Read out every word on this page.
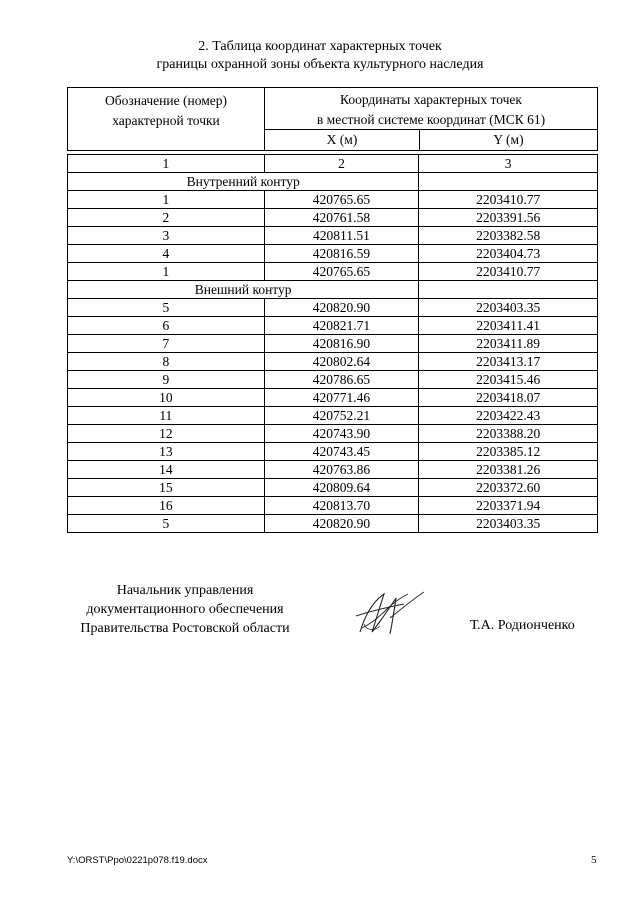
2. Таблица координат характерных точек
границы охранной зоны объекта культурного наследия
Обозначение (номер)
характерной точки
Координаты характерных точек
в местной системе координат (МСК 61)
X (м)	Y (м)
1	2	3
Внутренний контур
1	420765.65	2203410.77
2	420761.58	2203391.56
3	420811.51	2203382.58
4	420816.59	2203404.73
1	420765.65	2203410.77
Внешний контур
5	420820.90	2203403.35
6	420821.71	2203411.41
7	420816.90	2203411.89
8	420802.64	2203413.17
9	420786.65	2203415.46
10	420771.46	2203418.07
11	420752.21	2203422.43
12	420743.90	2203388.20
13	420743.45	2203385.12
14	420763.86	2203381.26
15	420809.64	2203372.60
16	420813.70	2203371.94
5	420820.90	2203403.35
Начальник управления
документационного обеспечения
Правительства Ростовской области	Т.А. Родионченко
Y:\ORST\Ppo\0221p078.f19.docx	5
